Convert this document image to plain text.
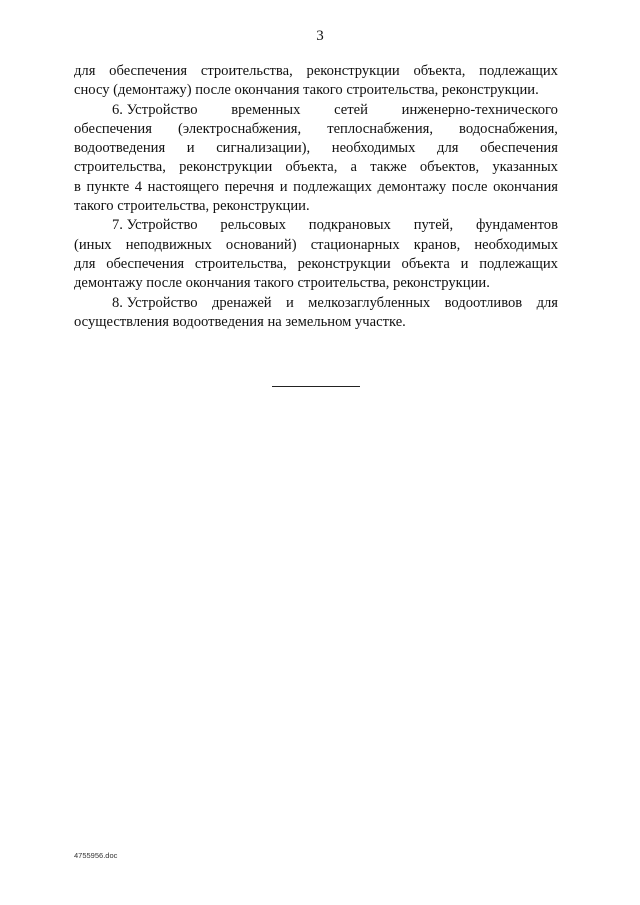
3
для обеспечения строительства, реконструкции объекта, подлежащих
сносу (демонтажу) после окончания такого строительства, реконструкции.
6. Устройство временных сетей инженерно-технического
обеспечения (электроснабжения, теплоснабжения, водоснабжения,
водоотведения и сигнализации), необходимых для обеспечения
строительства, реконструкции объекта, а также объектов, указанных
в пункте 4 настоящего перечня и подлежащих демонтажу после окончания
такого строительства, реконструкции.
7. Устройство рельсовых подкрановых путей, фундаментов
(иных неподвижных оснований) стационарных кранов, необходимых
для обеспечения строительства, реконструкции объекта и подлежащих
демонтажу после окончания такого строительства, реконструкции.
8. Устройство дренажей и мелкозаглубленных водоотливов для
осуществления водоотведения на земельном участке.
4755956.doc
